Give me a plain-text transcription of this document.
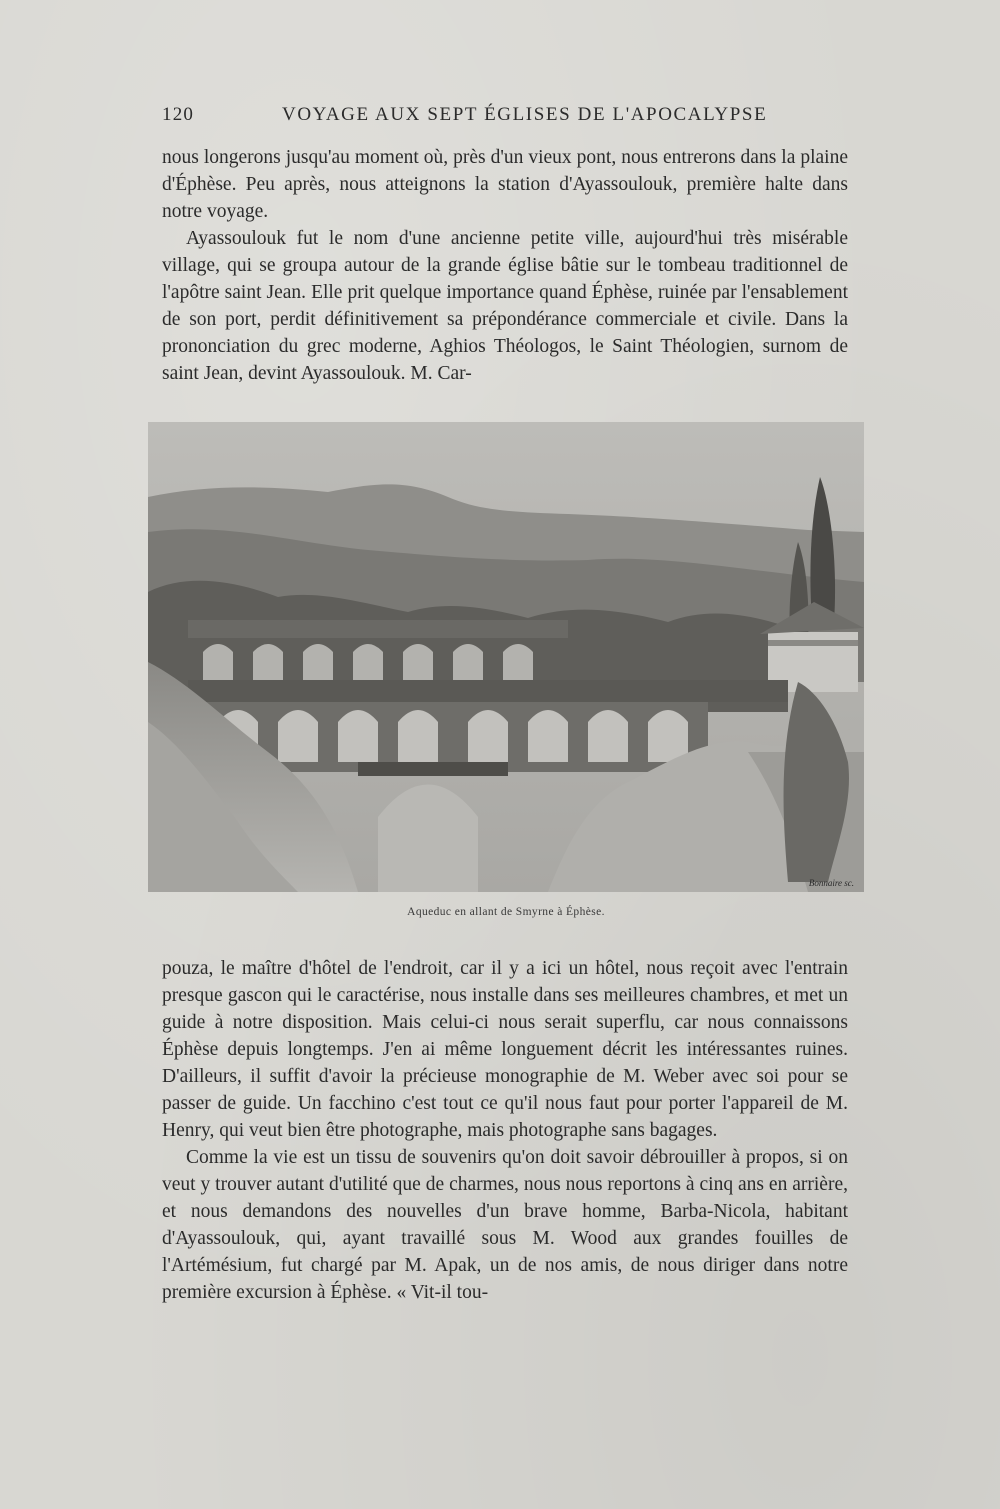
120	VOYAGE AUX SEPT ÉGLISES DE L'APOCALYPSE

nous longerons jusqu'au moment où, près d'un vieux pont, nous entrerons dans la plaine d'Éphèse. Peu après, nous atteignons la station d'Ayassoulouk, première halte dans notre voyage.

Ayassoulouk fut le nom d'une ancienne petite ville, aujourd'hui très misérable village, qui se groupa autour de la grande église bâtie sur le tombeau traditionnel de l'apôtre saint Jean. Elle prit quelque importance quand Éphèse, ruinée par l'ensablement de son port, perdit définitivement sa prépondérance commerciale et civile. Dans la prononciation du grec moderne, Aghios Théologos, le Saint Théologien, surnom de saint Jean, devint Ayassoulouk. M. Car-

Bonnaire sc.
Aqueduc en allant de Smyrne à Éphèse.

pouza, le maître d'hôtel de l'endroit, car il y a ici un hôtel, nous reçoit avec l'entrain presque gascon qui le caractérise, nous installe dans ses meilleures chambres, et met un guide à notre disposition. Mais celui-ci nous serait superflu, car nous connaissons Éphèse depuis longtemps. J'en ai même longuement décrit les intéressantes ruines. D'ailleurs, il suffit d'avoir la précieuse monographie de M. Weber avec soi pour se passer de guide. Un facchino c'est tout ce qu'il nous faut pour porter l'appareil de M. Henry, qui veut bien être photographe, mais photographe sans bagages.

Comme la vie est un tissu de souvenirs qu'on doit savoir débrouiller à propos, si on veut y trouver autant d'utilité que de charmes, nous nous reportons à cinq ans en arrière, et nous demandons des nouvelles d'un brave homme, Barba-Nicola, habitant d'Ayassoulouk, qui, ayant travaillé sous M. Wood aux grandes fouilles de l'Artémésium, fut chargé par M. Apak, un de nos amis, de nous diriger dans notre première excursion à Éphèse. « Vit-il tou-
